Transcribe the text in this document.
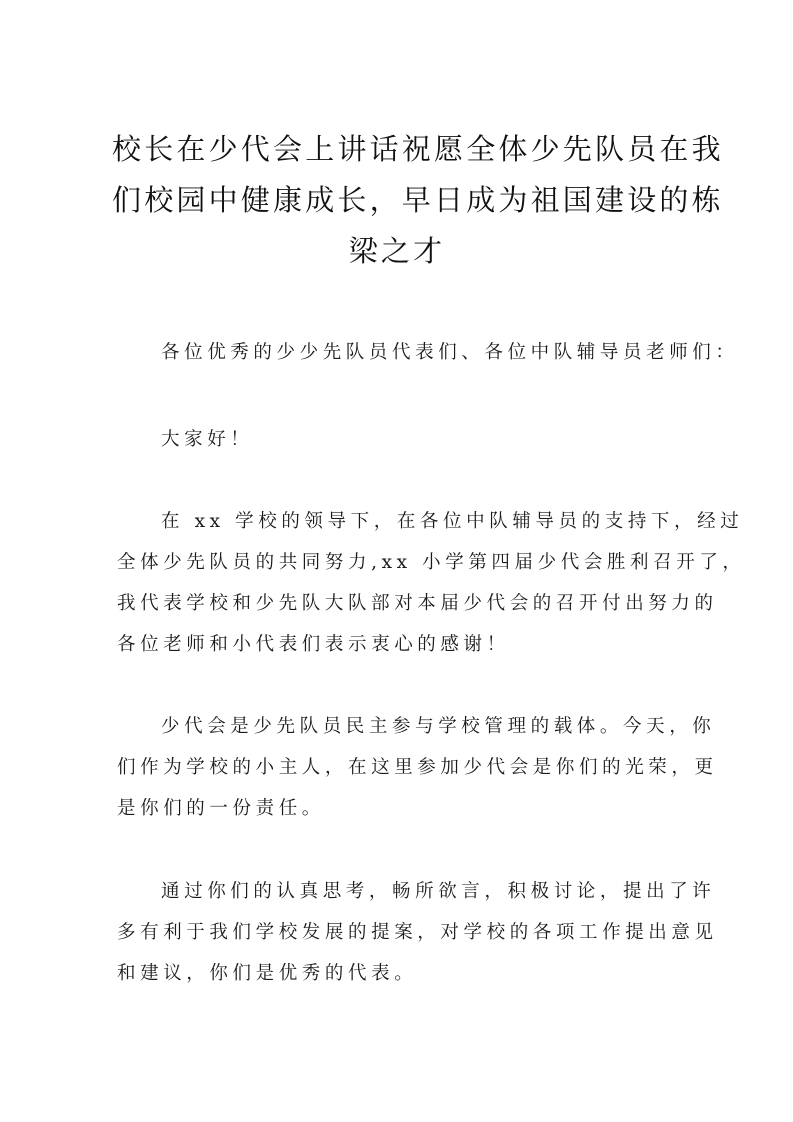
校长在少代会上讲话祝愿全体少先队员在我
们校园中健康成长，早日成为祖国建设的栋
梁之才

各位优秀的少少先队员代表们、各位中队辅导员老师们：

大家好！

在 xx 学校的领导下，在各位中队辅导员的支持下，经过
全体少先队员的共同努力,xx 小学第四届少代会胜利召开了，
我代表学校和少先队大队部对本届少代会的召开付出努力的
各位老师和小代表们表示衷心的感谢！

少代会是少先队员民主参与学校管理的载体。今天，你
们作为学校的小主人，在这里参加少代会是你们的光荣，更
是你们的一份责任。

通过你们的认真思考，畅所欲言，积极讨论，提出了许
多有利于我们学校发展的提案，对学校的各项工作提出意见
和建议，你们是优秀的代表。
